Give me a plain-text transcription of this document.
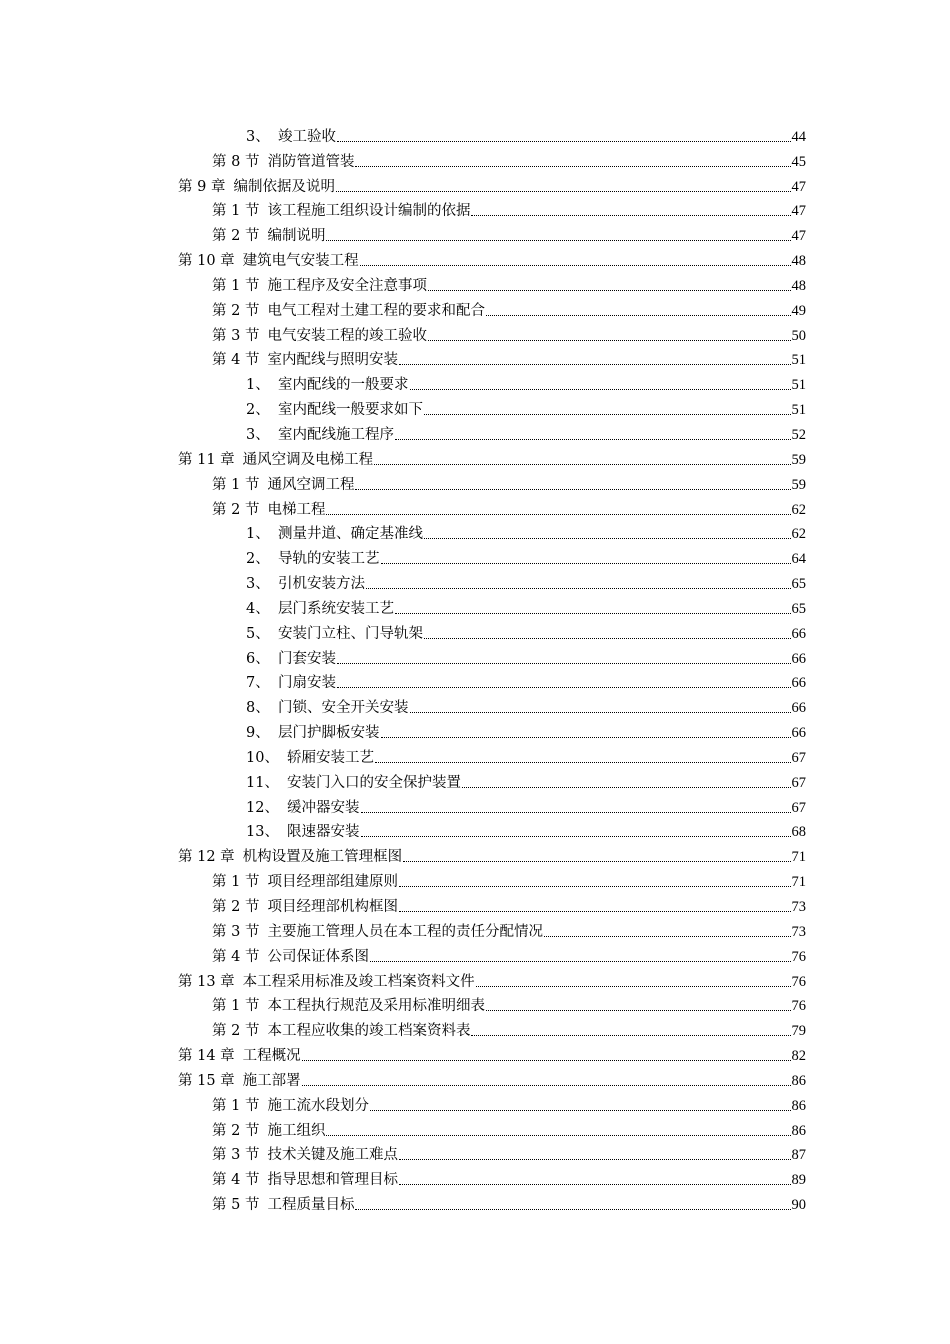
3、 竣工验收	44
第 8 节 消防管道管装	45
第 9 章 编制依据及说明	47
第 1 节 该工程施工组织设计编制的依据	47
第 2 节 编制说明	47
第 10 章 建筑电气安装工程	48
第 1 节 施工程序及安全注意事项	48
第 2 节 电气工程对土建工程的要求和配合	49
第 3 节 电气安装工程的竣工验收	50
第 4 节 室内配线与照明安装	51
1、 室内配线的一般要求	51
2、 室内配线一般要求如下	51
3、 室内配线施工程序	52
第 11 章 通风空调及电梯工程	59
第 1 节 通风空调工程	59
第 2 节 电梯工程	62
1、 测量井道、确定基准线	62
2、 导轨的安装工艺	64
3、 引机安装方法	65
4、 层门系统安装工艺	65
5、 安装门立柱、门导轨架	66
6、 门套安装	66
7、 门扇安装	66
8、 门锁、安全开关安装	66
9、 层门护脚板安装	66
10、 轿厢安装工艺	67
11、 安装门入口的安全保护装置	67
12、 缓冲器安装	67
13、 限速器安装	68
第 12 章 机构设置及施工管理框图	71
第 1 节 项目经理部组建原则	71
第 2 节 项目经理部机构框图	73
第 3 节 主要施工管理人员在本工程的责任分配情况	73
第 4 节 公司保证体系图	76
第 13 章 本工程采用标准及竣工档案资料文件	76
第 1 节 本工程执行规范及采用标准明细表	76
第 2 节 本工程应收集的竣工档案资料表	79
第 14 章 工程概况	82
第 15 章 施工部署	86
第 1 节 施工流水段划分	86
第 2 节 施工组织	86
第 3 节 技术关键及施工难点	87
第 4 节 指导思想和管理目标	89
第 5 节 工程质量目标	90
